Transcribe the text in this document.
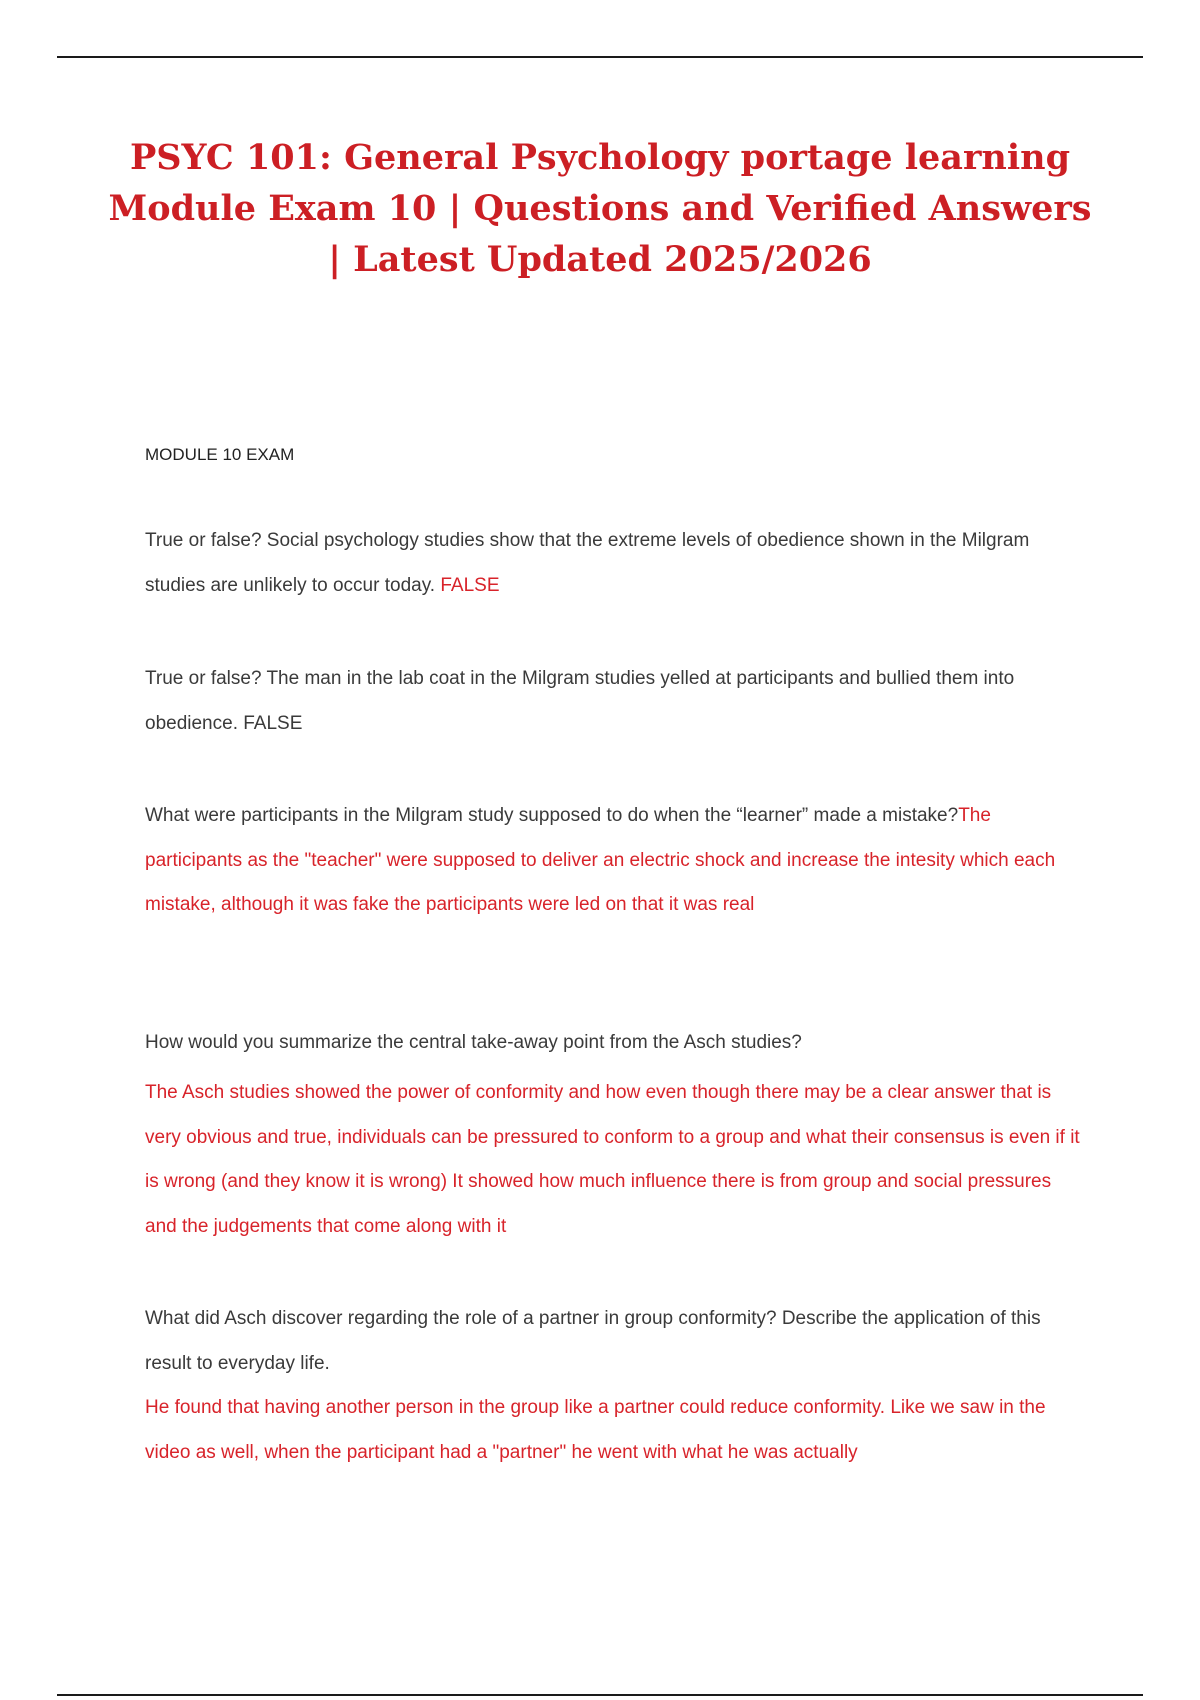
PSYC 101: General Psychology portage learning Module Exam 10 | Questions and Verified Answers | Latest Updated 2025/2026

MODULE 10 EXAM

True or false? Social psychology studies show that the extreme levels of obedience shown in the Milgram studies are unlikely to occur today. FALSE

True or false? The man in the lab coat in the Milgram studies yelled at participants and bullied them into obedience. FALSE

What were participants in the Milgram study supposed to do when the “learner” made a mistake?The participants as the "teacher" were supposed to deliver an electric shock and increase the intesity which each mistake, although it was fake the participants were led on that it was real

How would you summarize the central take-away point from the Asch studies?

The Asch studies showed the power of conformity and how even though there may be a clear answer that is very obvious and true, individuals can be pressured to conform to a group and what their consensus is even if it is wrong (and they know it is wrong) It showed how much influence there is from group and social pressures and the judgements that come along with it

What did Asch discover regarding the role of a partner in group conformity? Describe the application of this result to everyday life.

He found that having another person in the group like a partner could reduce conformity. Like we saw in the video as well, when the participant had a "partner" he went with what he was actually
